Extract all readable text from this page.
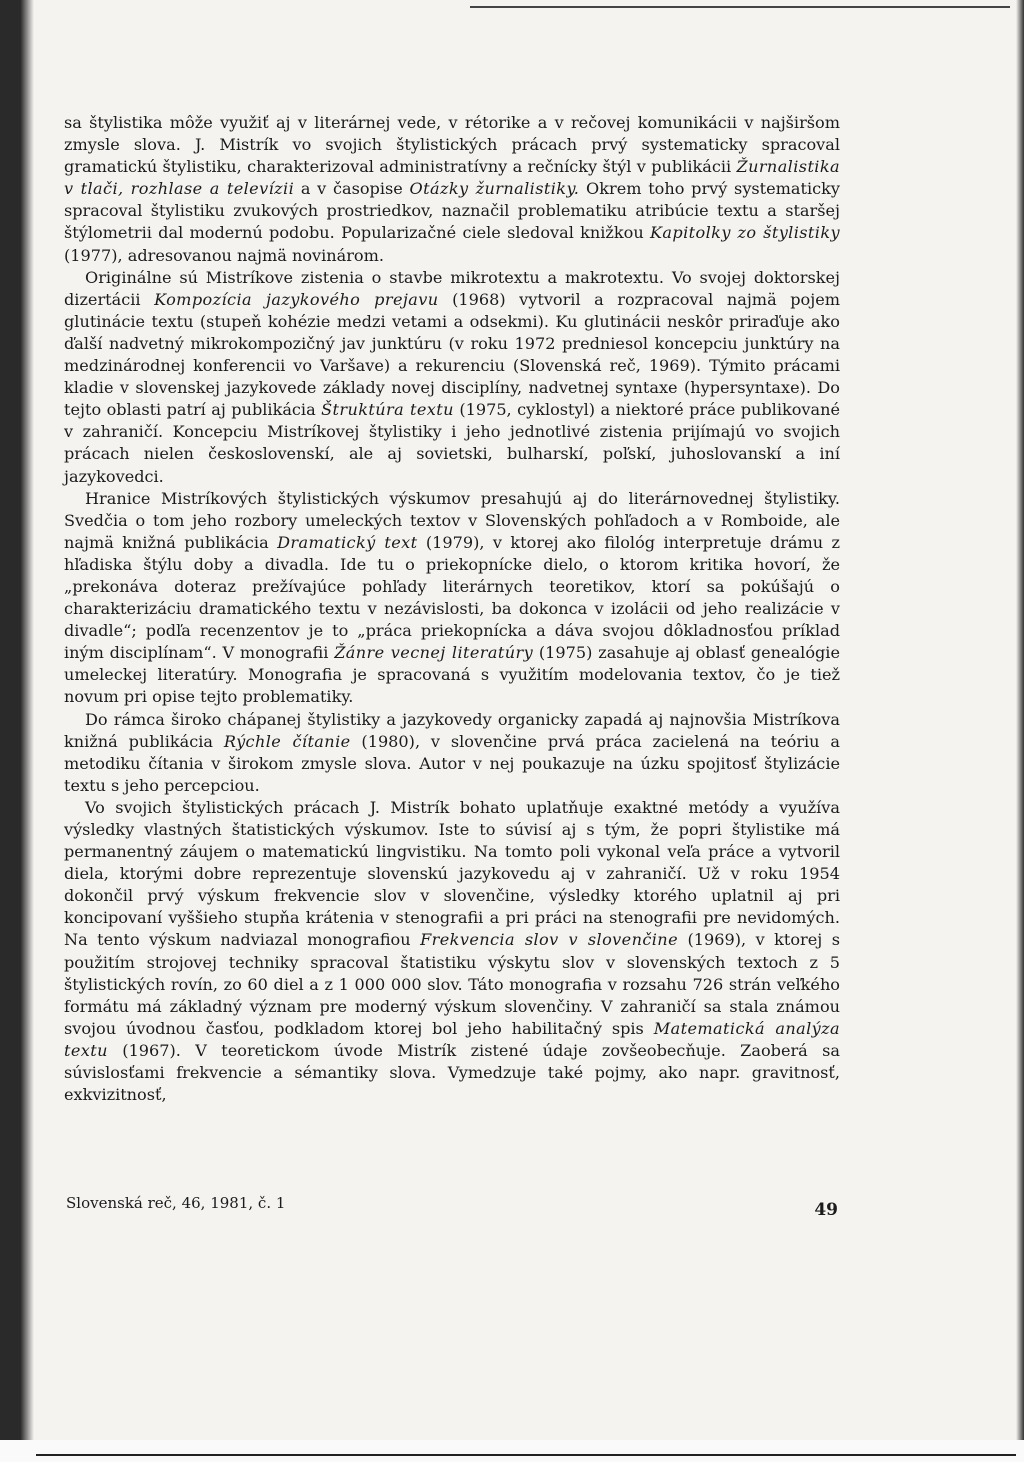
sa štylistika môže využiť aj v literárnej vede, v rétorike a v rečovej komunikácii v najširšom zmysle slova. J. Mistrík vo svojich štylistických prácach prvý systematicky spracoval gramatickú štylistiku, charakterizoval administratívny a rečnícky štýl v publikácii Žurnalistika v tlači, rozhlase a televízii a v časopise Otázky žurnalistiky. Okrem toho prvý systematicky spracoval štylistiku zvukových prostriedkov, naznačil problematiku atribúcie textu a staršej štýlometrii dal modernú podobu. Popularizačné ciele sledoval knižkou Kapitolky zo štylistiky (1977), adresovanou najmä novinárom.

Originálne sú Mistríkove zistenia o stavbe mikrotextu a makrotextu. Vo svojej doktorskej dizertácii Kompozícia jazykového prejavu (1968) vytvoril a rozpracoval najmä pojem glutinácie textu (stupeň kohézie medzi vetami a odsekmi). Ku glutinácii neskôr priraďuje ako ďalší nadvetný mikrokompozičný jav junktúru (v roku 1972 predniesol koncepciu junktúry na medzinárodnej konferencii vo Varšave) a rekurenciu (Slovenská reč, 1969). Týmito prácami kladie v slovenskej jazykovede základy novej disciplíny, nadvetnej syntaxe (hypersyntaxe). Do tejto oblasti patrí aj publikácia Štruktúra textu (1975, cyklostyl) a niektoré práce publikované v zahraničí. Koncepciu Mistríkovej štylistiky i jeho jednotlivé zistenia prijímajú vo svojich prácach nielen československí, ale aj sovietski, bulharskí, poľskí, juhoslovanskí a iní jazykovedci.

Hranice Mistríkových štylistických výskumov presahujú aj do literárnovednej štylistiky. Svedčia o tom jeho rozbory umeleckých textov v Slovenských pohľadoch a v Romboide, ale najmä knižná publikácia Dramatický text (1979), v ktorej ako filológ interpretuje drámu z hľadiska štýlu doby a divadla. Ide tu o priekopnícke dielo, o ktorom kritika hovorí, že „prekonáva doteraz prežívajúce pohľady literárnych teoretikov, ktorí sa pokúšajú o charakterizáciu dramatického textu v nezávislosti, ba dokonca v izolácii od jeho realizácie v divadle“; podľa recenzentov je to „práca priekopnícka a dáva svojou dôkladnosťou príklad iným disciplínam“. V monografii Žánre vecnej literatúry (1975) zasahuje aj oblasť genealógie umeleckej literatúry. Monografia je spracovaná s využitím modelovania textov, čo je tiež novum pri opise tejto problematiky.

Do rámca široko chápanej štylistiky a jazykovedy organicky zapadá aj najnovšia Mistríkova knižná publikácia Rýchle čítanie (1980), v slovenčine prvá práca zacielená na teóriu a metodiku čítania v širokom zmysle slova. Autor v nej poukazuje na úzku spojitosť štylizácie textu s jeho percepciou.

Vo svojich štylistických prácach J. Mistrík bohato uplatňuje exaktné metódy a využíva výsledky vlastných štatistických výskumov. Iste to súvisí aj s tým, že popri štylistike má permanentný záujem o matematickú lingvistiku. Na tomto poli vykonal veľa práce a vytvoril diela, ktorými dobre reprezentuje slovenskú jazykovedu aj v zahraničí. Už v roku 1954 dokončil prvý výskum frekvencie slov v slovenčine, výsledky ktorého uplatnil aj pri koncipovaní vyššieho stupňa krátenia v stenografii a pri práci na stenografii pre nevidomých. Na tento výskum nadviazal monografiou Frekvencia slov v slovenčine (1969), v ktorej s použitím strojovej techniky spracoval štatistiku výskytu slov v slovenských textoch z 5 štylistických rovín, zo 60 diel a z 1 000 000 slov. Táto monografia v rozsahu 726 strán veľkého formátu má základný význam pre moderný výskum slovenčiny. V zahraničí sa stala známou svojou úvodnou časťou, podkladom ktorej bol jeho habilitačný spis Matematická analýza textu (1967). V teoretickom úvode Mistrík zistené údaje zovšeobecňuje. Zaoberá sa súvislosťami frekvencie a sémantiky slova. Vymedzuje také pojmy, ako napr. gravitnosť, exkvizitnosť,

Slovenská reč, 46, 1981, č. 1	49
